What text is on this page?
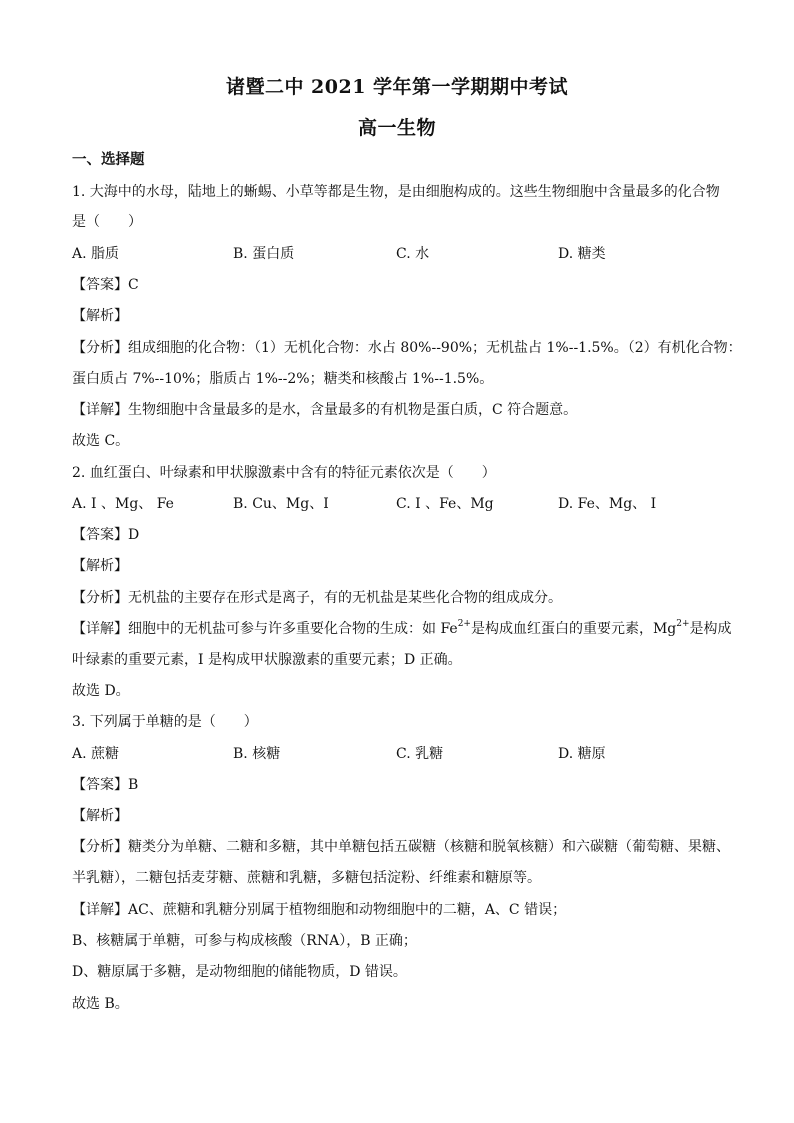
诸暨二中 2021 学年第一学期期中考试
高一生物
一、选择题
1. 大海中的水母，陆地上的蜥蜴、小草等都是生物，是由细胞构成的。这些生物细胞中含量最多的化合物
是（　　）
A. 脂质	B. 蛋白质	C. 水	D. 糖类
【答案】C
【解析】
【分析】组成细胞的化合物：（1）无机化合物：水占 80%--90%；无机盐占 1%--1.5%。（2）有机化合物：
蛋白质占 7%--10%；脂质占 1%--2%；糖类和核酸占 1%--1.5%。
【详解】生物细胞中含量最多的是水，含量最多的有机物是蛋白质，C 符合题意。
故选 C。
2. 血红蛋白、叶绿素和甲状腺激素中含有的特征元素依次是（　　）
A. I 、Mg、 Fe	B. Cu、Mg、I	C. I 、Fe、Mg	D. Fe、Mg、 I
【答案】D
【解析】
【分析】无机盐的主要存在形式是离子，有的无机盐是某些化合物的组成成分。
【详解】细胞中的无机盐可参与许多重要化合物的生成：如 $Fe^{2+}$是构成血红蛋白的重要元素，$Mg^{2+}$是构成
叶绿素的重要元素，I 是构成甲状腺激素的重要元素；D 正确。
故选 D。
3. 下列属于单糖的是（　　）
A. 蔗糖	B. 核糖	C. 乳糖	D. 糖原
【答案】B
【解析】
【分析】糖类分为单糖、二糖和多糖，其中单糖包括五碳糖（核糖和脱氧核糖）和六碳糖（葡萄糖、果糖、
半乳糖），二糖包括麦芽糖、蔗糖和乳糖，多糖包括淀粉、纤维素和糖原等。
【详解】AC、蔗糖和乳糖分别属于植物细胞和动物细胞中的二糖，A、C 错误；
B、核糖属于单糖，可参与构成核酸（RNA），B 正确；
D、糖原属于多糖，是动物细胞的储能物质，D 错误。
故选 B。
